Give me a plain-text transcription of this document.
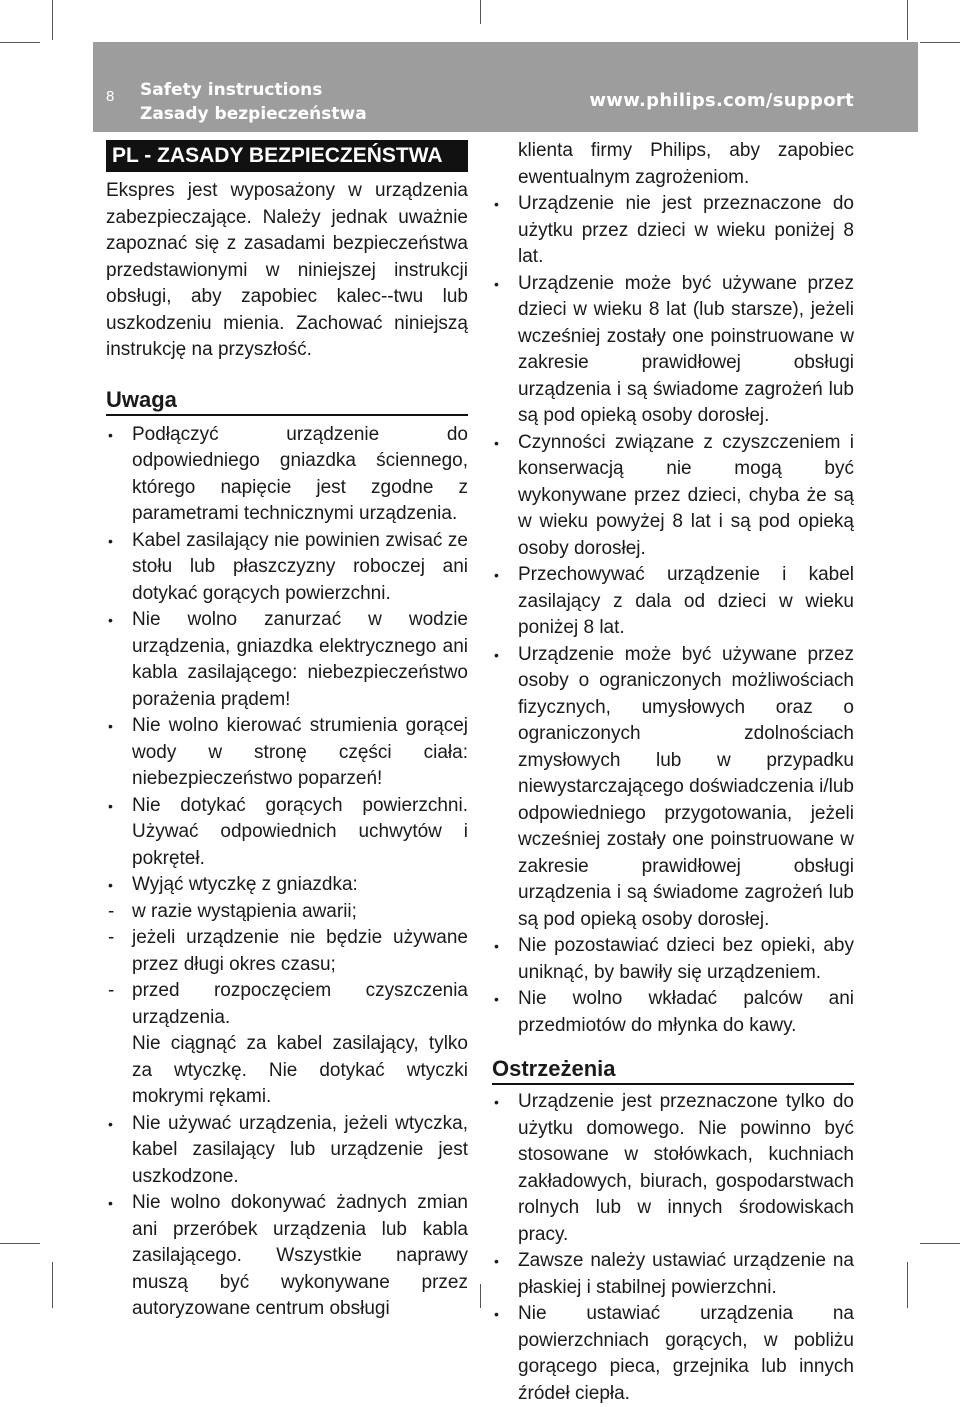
8 Safety instructions
Zasady bezpieczeństwa
www.philips.com/support
PL - ZASADY BEZPIECZEŃSTWA

Ekspres jest wyposażony w urządzenia zabezpieczające. Należy jednak uważnie zapoznać się z zasadami bezpieczeństwa przedstawionymi w niniejszej instrukcji obsługi, aby zapobiec kalec--twu lub uszkodzeniu mienia. Zachować niniejszą instrukcję na przyszłość.

Uwaga
• Podłączyć urządzenie do odpowiedniego gniazdka ściennego, którego napięcie jest zgodne z parametrami technicznymi urządzenia.
• Kabel zasilający nie powinien zwisać ze stołu lub płaszczyzny roboczej ani dotykać gorących powierzchni.
• Nie wolno zanurzać w wodzie urządzenia, gniazdka elektrycznego ani kabla zasilającego: niebezpieczeństwo porażenia prądem!
• Nie wolno kierować strumienia gorącej wody w stronę części ciała: niebezpieczeństwo poparzeń!
• Nie dotykać gorących powierzchni. Używać odpowiednich uchwytów i pokręteł.
• Wyjąć wtyczkę z gniazdka:
- w razie wystąpienia awarii;
- jeżeli urządzenie nie będzie używane przez długi okres czasu;
- przed rozpoczęciem czyszczenia urządzenia.

Nie ciągnąć za kabel zasilający, tylko za wtyczkę. Nie dotykać wtyczki mokrymi rękami.

• Nie używać urządzenia, jeżeli wtyczka, kabel zasilający lub urządzenie jest uszkodzone.
• Nie wolno dokonywać żadnych zmian ani przeróbek urządzenia lub kabla zasilającego. Wszystkie naprawy muszą być wykonywane przez autoryzowane centrum obsługi

klienta firmy Philips, aby zapobiec ewentualnym zagrożeniom.

• Urządzenie nie jest przeznaczone do użytku przez dzieci w wieku poniżej 8 lat.
• Urządzenie może być używane przez dzieci w wieku 8 lat (lub starsze), jeżeli wcześniej zostały one poinstruowane w zakresie prawidłowej obsługi urządzenia i są świadome zagrożeń lub są pod opieką osoby dorosłej.
• Czynności związane z czyszczeniem i konserwacją nie mogą być wykonywane przez dzieci, chyba że są w wieku powyżej 8 lat i są pod opieką osoby dorosłej.
• Przechowywać urządzenie i kabel zasilający z dala od dzieci w wieku poniżej 8 lat.
• Urządzenie może być używane przez osoby o ograniczonych możliwościach fizycznych, umysłowych oraz o ograniczonych zdolnościach zmysłowych lub w przypadku niewystarczającego doświadczenia i/lub odpowiedniego przygotowania, jeżeli wcześniej zostały one poinstruowane w zakresie prawidłowej obsługi urządzenia i są świadome zagrożeń lub są pod opieką osoby dorosłej.
• Nie pozostawiać dzieci bez opieki, aby uniknąć, by bawiły się urządzeniem.
• Nie wolno wkładać palców ani przedmiotów do młynka do kawy.
Ostrzeżenia
• Urządzenie jest przeznaczone tylko do użytku domowego. Nie powinno być stosowane w stołówkach, kuchniach zakładowych, biurach, gospodarstwach rolnych lub w innych środowiskach pracy.
• Zawsze należy ustawiać urządzenie na płaskiej i stabilnej powierzchni.
• Nie ustawiać urządzenia na powierzchniach gorących, w pobliżu gorącego pieca, grzejnika lub innych źródeł ciepła.
